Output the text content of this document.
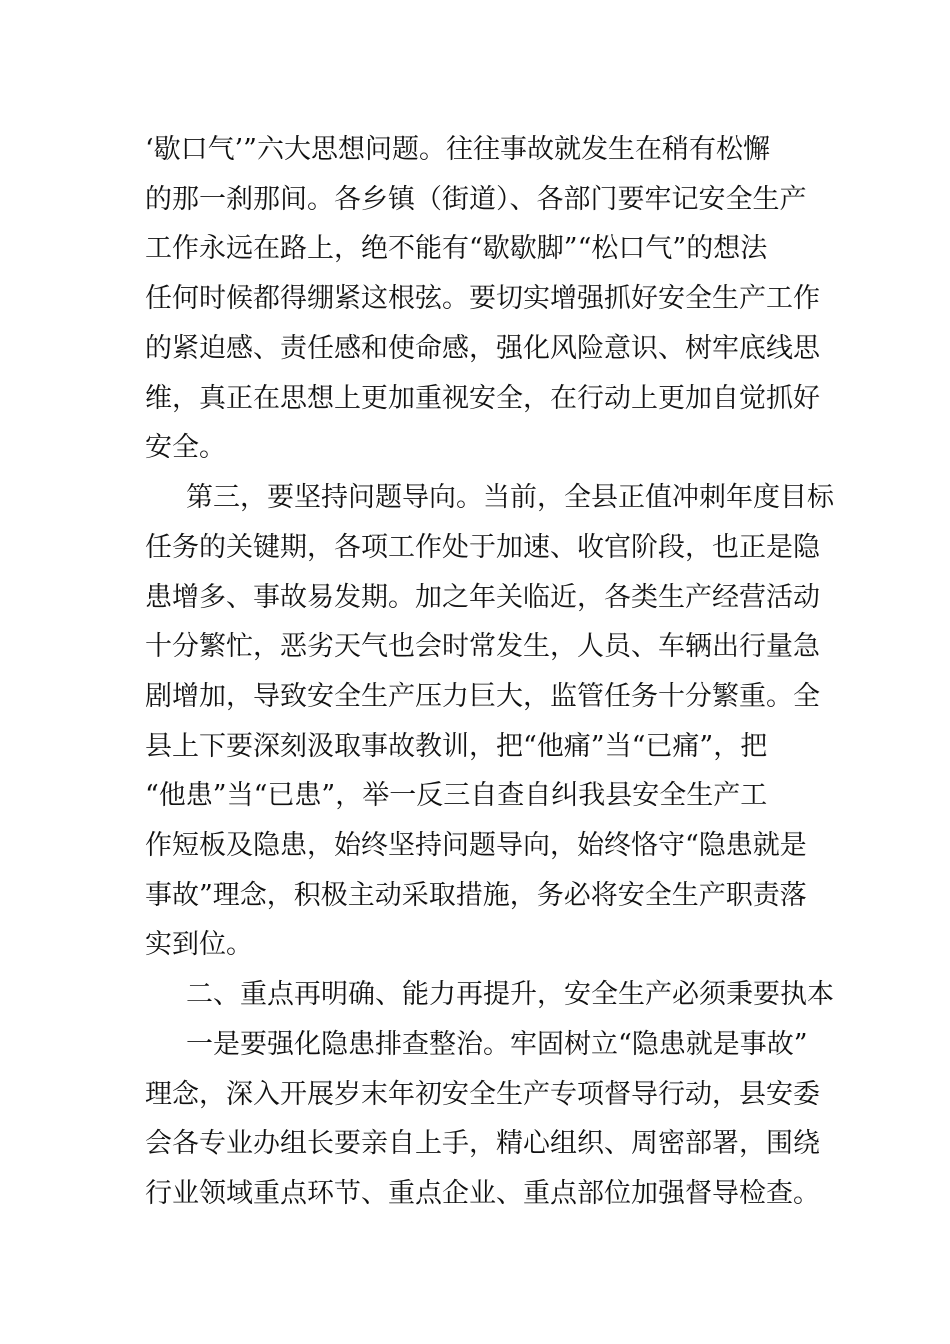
‘歇口气’”六大思想问题。往往事故就发生在稍有松懈
的那一刹那间。各乡镇（街道）、各部门要牢记安全生产
工作永远在路上，绝不能有“歇歇脚”“松口气”的想法
任何时候都得绷紧这根弦。要切实增强抓好安全生产工作
的紧迫感、责任感和使命感，强化风险意识、树牢底线思
维，真正在思想上更加重视安全，在行动上更加自觉抓好
安全。
第三，要坚持问题导向。当前，全县正值冲刺年度目标
任务的关键期，各项工作处于加速、收官阶段，也正是隐
患增多、事故易发期。加之年关临近，各类生产经营活动
十分繁忙，恶劣天气也会时常发生，人员、车辆出行量急
剧增加，导致安全生产压力巨大，监管任务十分繁重。全
县上下要深刻汲取事故教训，把“他痛”当“已痛”，把
“他患”当“已患”，举一反三自查自纠我县安全生产工
作短板及隐患，始终坚持问题导向，始终恪守“隐患就是
事故”理念，积极主动采取措施，务必将安全生产职责落
实到位。
二、重点再明确、能力再提升，安全生产必须秉要执本
一是要强化隐患排查整治。牢固树立“隐患就是事故”
理念，深入开展岁末年初安全生产专项督导行动，县安委
会各专业办组长要亲自上手，精心组织、周密部署，围绕
行业领域重点环节、重点企业、重点部位加强督导检查。
